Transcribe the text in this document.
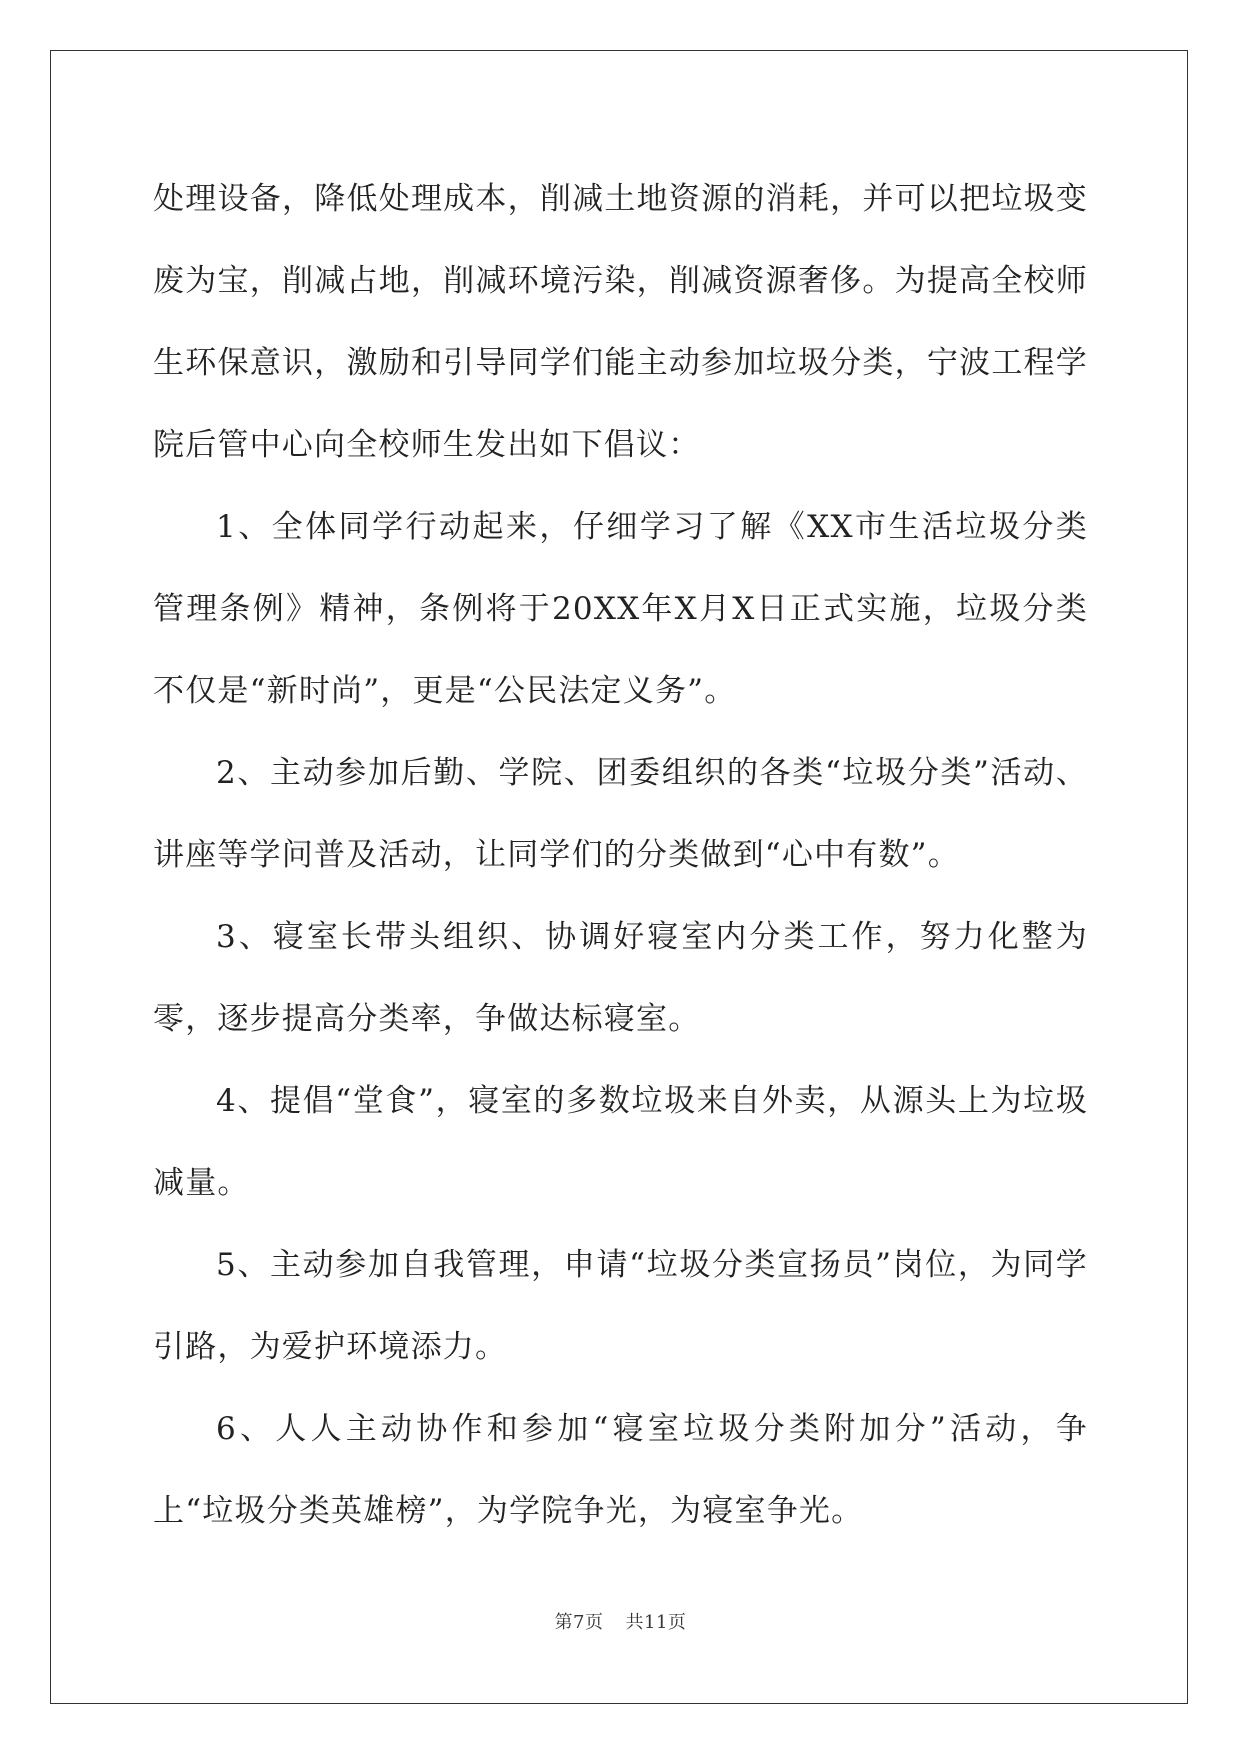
处理设备，降低处理成本，削减土地资源的消耗，并可以把垃圾变废为宝，削减占地，削减环境污染，削减资源奢侈。为提高全校师生环保意识，激励和引导同学们能主动参加垃圾分类，宁波工程学院后管中心向全校师生发出如下倡议：

1、全体同学行动起来，仔细学习了解《XX市生活垃圾分类管理条例》精神，条例将于20XX年X月X日正式实施，垃圾分类不仅是“新时尚”，更是“公民法定义务”。

2、主动参加后勤、学院、团委组织的各类“垃圾分类”活动、讲座等学问普及活动，让同学们的分类做到“心中有数”。

3、寝室长带头组织、协调好寝室内分类工作，努力化整为零，逐步提高分类率，争做达标寝室。

4、提倡“堂食”，寝室的多数垃圾来自外卖，从源头上为垃圾减量。

5、主动参加自我管理，申请“垃圾分类宣扬员”岗位，为同学引路，为爱护环境添力。

6、人人主动协作和参加“寝室垃圾分类附加分”活动，争上“垃圾分类英雄榜”，为学院争光，为寝室争光。

第7页 共11页
